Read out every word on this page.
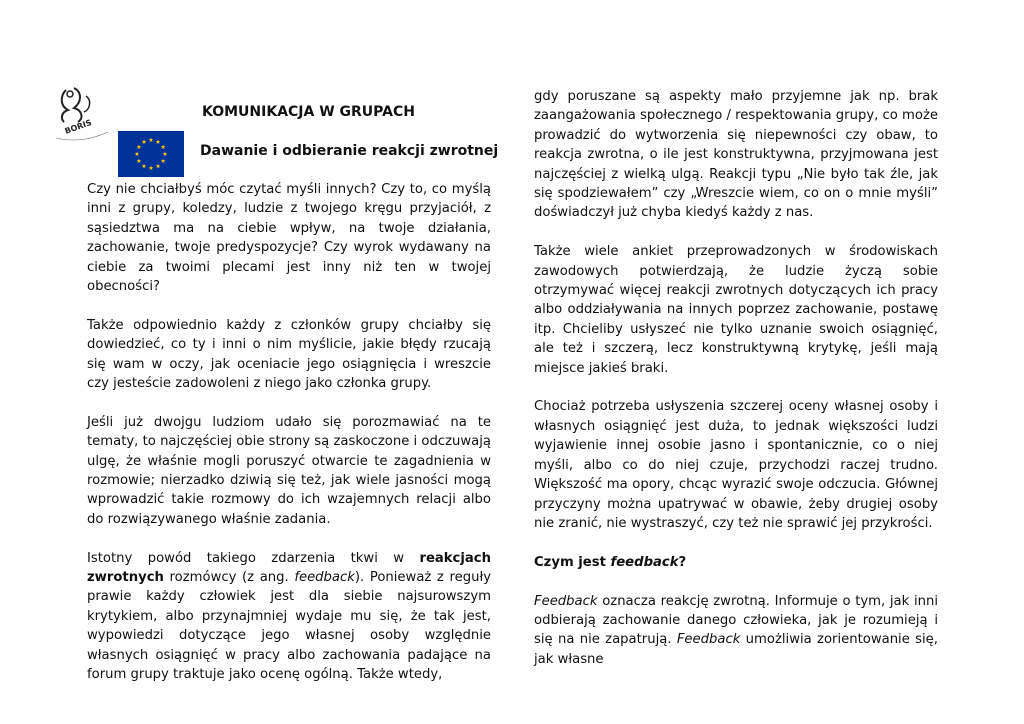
BORIS
KOMUNIKACJA W GRUPACH
Dawanie i odbieranie reakcji zwrotnej

Czy nie chciałbyś móc czytać myśli innych? Czy to, co myślą inni z grupy, koledzy, ludzie z twojego kręgu przyjaciół, z sąsiedztwa ma na ciebie wpływ, na twoje działania, zachowanie, twoje predyspozycje? Czy wyrok wydawany na ciebie za twoimi plecami jest inny niż ten w twojej obecności?

Także odpowiednio każdy z członków grupy chciałby się dowiedzieć, co ty i inni o nim myślicie, jakie błędy rzucają się wam w oczy, jak oceniacie jego osiągnięcia i wreszcie czy jesteście zadowoleni z niego jako członka grupy.

Jeśli już dwojgu ludziom udało się porozmawiać na te tematy, to najczęściej obie strony są zaskoczone i odczuwają ulgę, że właśnie mogli poruszyć otwarcie te zagadnienia w rozmowie; nierzadko dziwią się też, jak wiele jasności mogą wprowadzić takie rozmowy do ich wzajemnych relacji albo do rozwiązywanego właśnie zadania.

Istotny powód takiego zdarzenia tkwi w reakcjach zwrotnych rozmówcy (z ang. feedback). Ponieważ z reguły prawie każdy człowiek jest dla siebie najsurowszym krytykiem, albo przynajmniej wydaje mu się, że tak jest, wypowiedzi dotyczące jego własnej osoby względnie własnych osiągnięć w pracy albo zachowania padające na forum grupy traktuje jako ocenę ogólną. Także wtedy,

gdy poruszane są aspekty mało przyjemne jak np. brak zaangażowania społecznego / respektowania grupy, co może prowadzić do wytworzenia się niepewności czy obaw, to reakcja zwrotna, o ile jest konstruktywna, przyjmowana jest najczęściej z wielką ulgą. Reakcji typu „Nie było tak źle, jak się spodziewałem” czy „Wreszcie wiem, co on o mnie myśli” doświadczył już chyba kiedyś każdy z nas.

Także wiele ankiet przeprowadzonych w środowiskach zawodowych potwierdzają, że ludzie życzą sobie otrzymywać więcej reakcji zwrotnych dotyczących ich pracy albo oddziaływania na innych poprzez zachowanie, postawę itp. Chcieliby usłyszeć nie tylko uznanie swoich osiągnięć, ale też i szczerą, lecz konstruktywną krytykę, jeśli mają miejsce jakieś braki.

Chociaż potrzeba usłyszenia szczerej oceny własnej osoby i własnych osiągnięć jest duża, to jednak większości ludzi wyjawienie innej osobie jasno i spontanicznie, co o niej myśli, albo co do niej czuje, przychodzi raczej trudno. Większość ma opory, chcąc wyrazić swoje odczucia. Głównej przyczyny można upatrywać w obawie, żeby drugiej osoby nie zranić, nie wystraszyć, czy też nie sprawić jej przykrości.

Czym jest feedback?

Feedback oznacza reakcję zwrotną. Informuje o tym, jak inni odbierają zachowanie danego człowieka, jak je rozumieją i się na nie zapatrują. Feedback umożliwia zorientowanie się, jak własne
